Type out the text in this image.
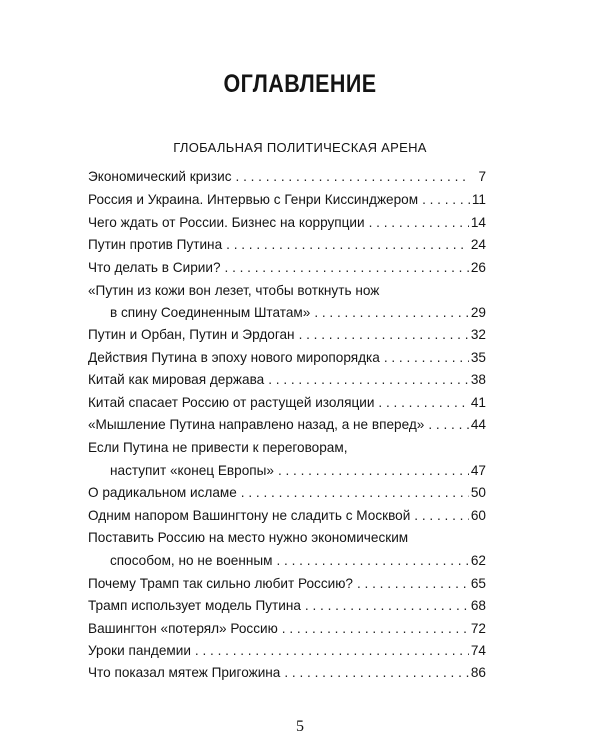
ОГЛАВЛЕНИЕ
ГЛОБАЛЬНАЯ ПОЛИТИЧЕСКАЯ АРЕНА
Экономический кризис . . .	7
Россия и Украина. Интервью с Генри Киссинджером . . .	11
Чего ждать от России. Бизнес на коррупции . . .	14
Путин против Путина . . .	24
Что делать в Сирии? . . .	26
«Путин из кожи вон лезет, чтобы воткнуть нож
в спину Соединенным Штатам» . . .	29
Путин и Орбан, Путин и Эрдоган . . .	32
Действия Путина в эпоху нового миропорядка . . .	35
Китай как мировая держава . . .	38
Китай спасает Россию от растущей изоляции . . .	41
«Мышление Путина направлено назад, а не вперед» . . .	44
Если Путина не привести к переговорам,
наступит «конец Европы» . . .	47
О радикальном исламе . . .	50
Одним напором Вашингтону не сладить с Москвой . . .	60
Поставить Россию на место нужно экономическим
способом, но не военным . . .	62
Почему Трамп так сильно любит Россию? . . .	65
Трамп использует модель Путина . . .	68
Вашингтон «потерял» Россию . . .	72
Уроки пандемии . . .	74
Что показал мятеж Пригожина . . .	86
5
